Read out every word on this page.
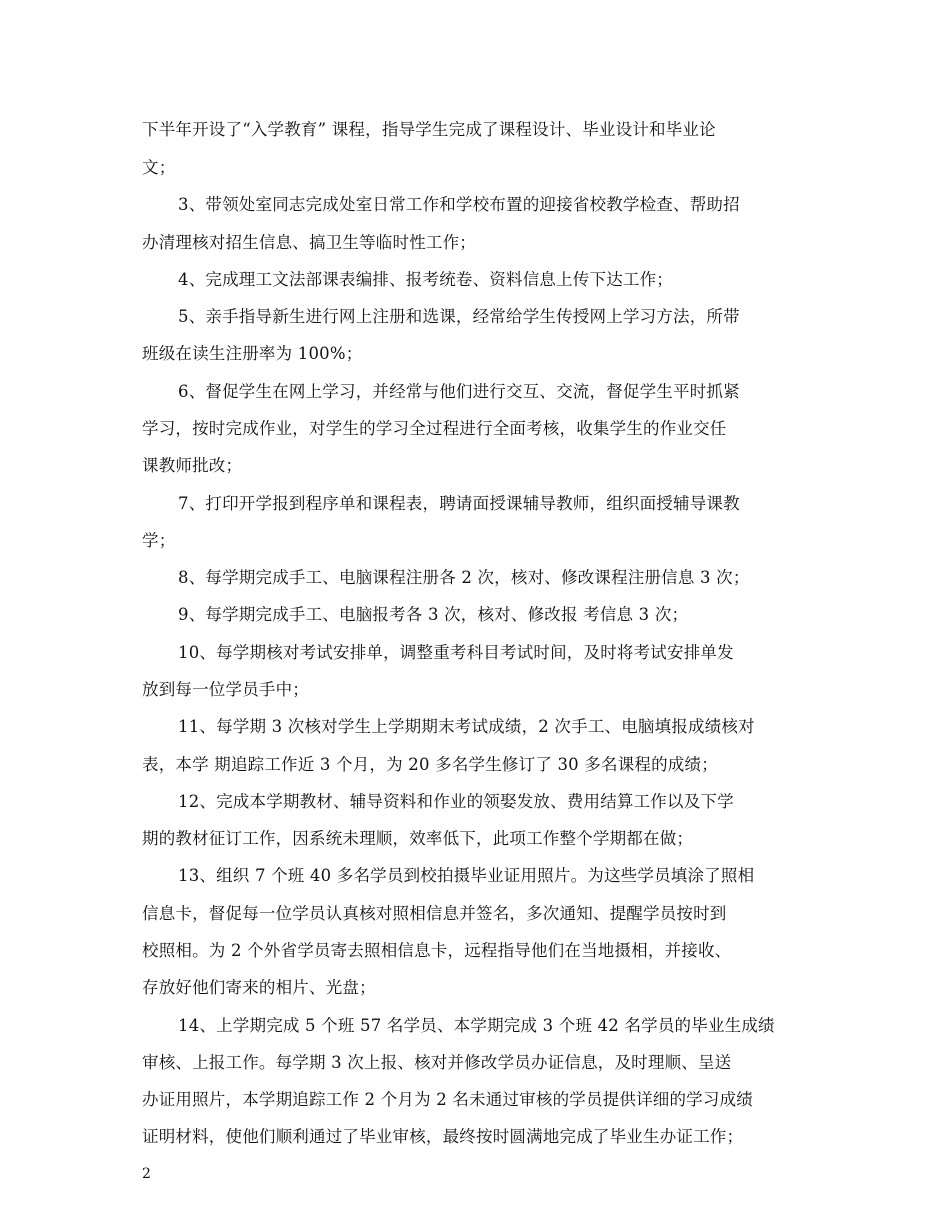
下半年开设了“入学教育” 课程，指导学生完成了课程设计、毕业设计和毕业论
文；
3、带领处室同志完成处室日常工作和学校布置的迎接省校教学检查、帮助招
办清理核对招生信息、搞卫生等临时性工作；
4、完成理工文法部课表编排、报考统卷、资料信息上传下达工作；
5、亲手指导新生进行网上注册和选课，经常给学生传授网上学习方法，所带
班级在读生注册率为 100%；
6、督促学生在网上学习，并经常与他们进行交互、交流，督促学生平时抓紧
学习，按时完成作业，对学生的学习全过程进行全面考核，收集学生的作业交任
课教师批改；
7、打印开学报到程序单和课程表，聘请面授课辅导教师，组织面授辅导课教
学；
8、每学期完成手工、电脑课程注册各 2 次，核对、修改课程注册信息 3 次；
9、每学期完成手工、电脑报考各 3 次，核对、修改报 考信息 3 次；
10、每学期核对考试安排单，调整重考科目考试时间，及时将考试安排单发
放到每一位学员手中；
11、每学期 3 次核对学生上学期期末考试成绩，2 次手工、电脑填报成绩核对
表，本学 期追踪工作近 3 个月，为 20 多名学生修订了 30 多名课程的成绩；
12、完成本学期教材、辅导资料和作业的领娶发放、费用结算工作以及下学
期的教材征订工作，因系统未理顺，效率低下，此项工作整个学期都在做；
13、组织 7 个班 40 多名学员到校拍摄毕业证用照片。为这些学员填涂了照相
信息卡，督促每一位学员认真核对照相信息并签名，多次通知、提醒学员按时到
校照相。为 2 个外省学员寄去照相信息卡，远程指导他们在当地摄相，并接收、
存放好他们寄来的相片、光盘；
14、上学期完成 5 个班 57 名学员、本学期完成 3 个班 42 名学员的毕业生成绩
审核、上报工作。每学期 3 次上报、核对并修改学员办证信息，及时理顺、呈送
办证用照片，本学期追踪工作 2 个月为 2 名未通过审核的学员提供详细的学习成绩
证明材料，使他们顺利通过了毕业审核，最终按时圆满地完成了毕业生办证工作；
2
